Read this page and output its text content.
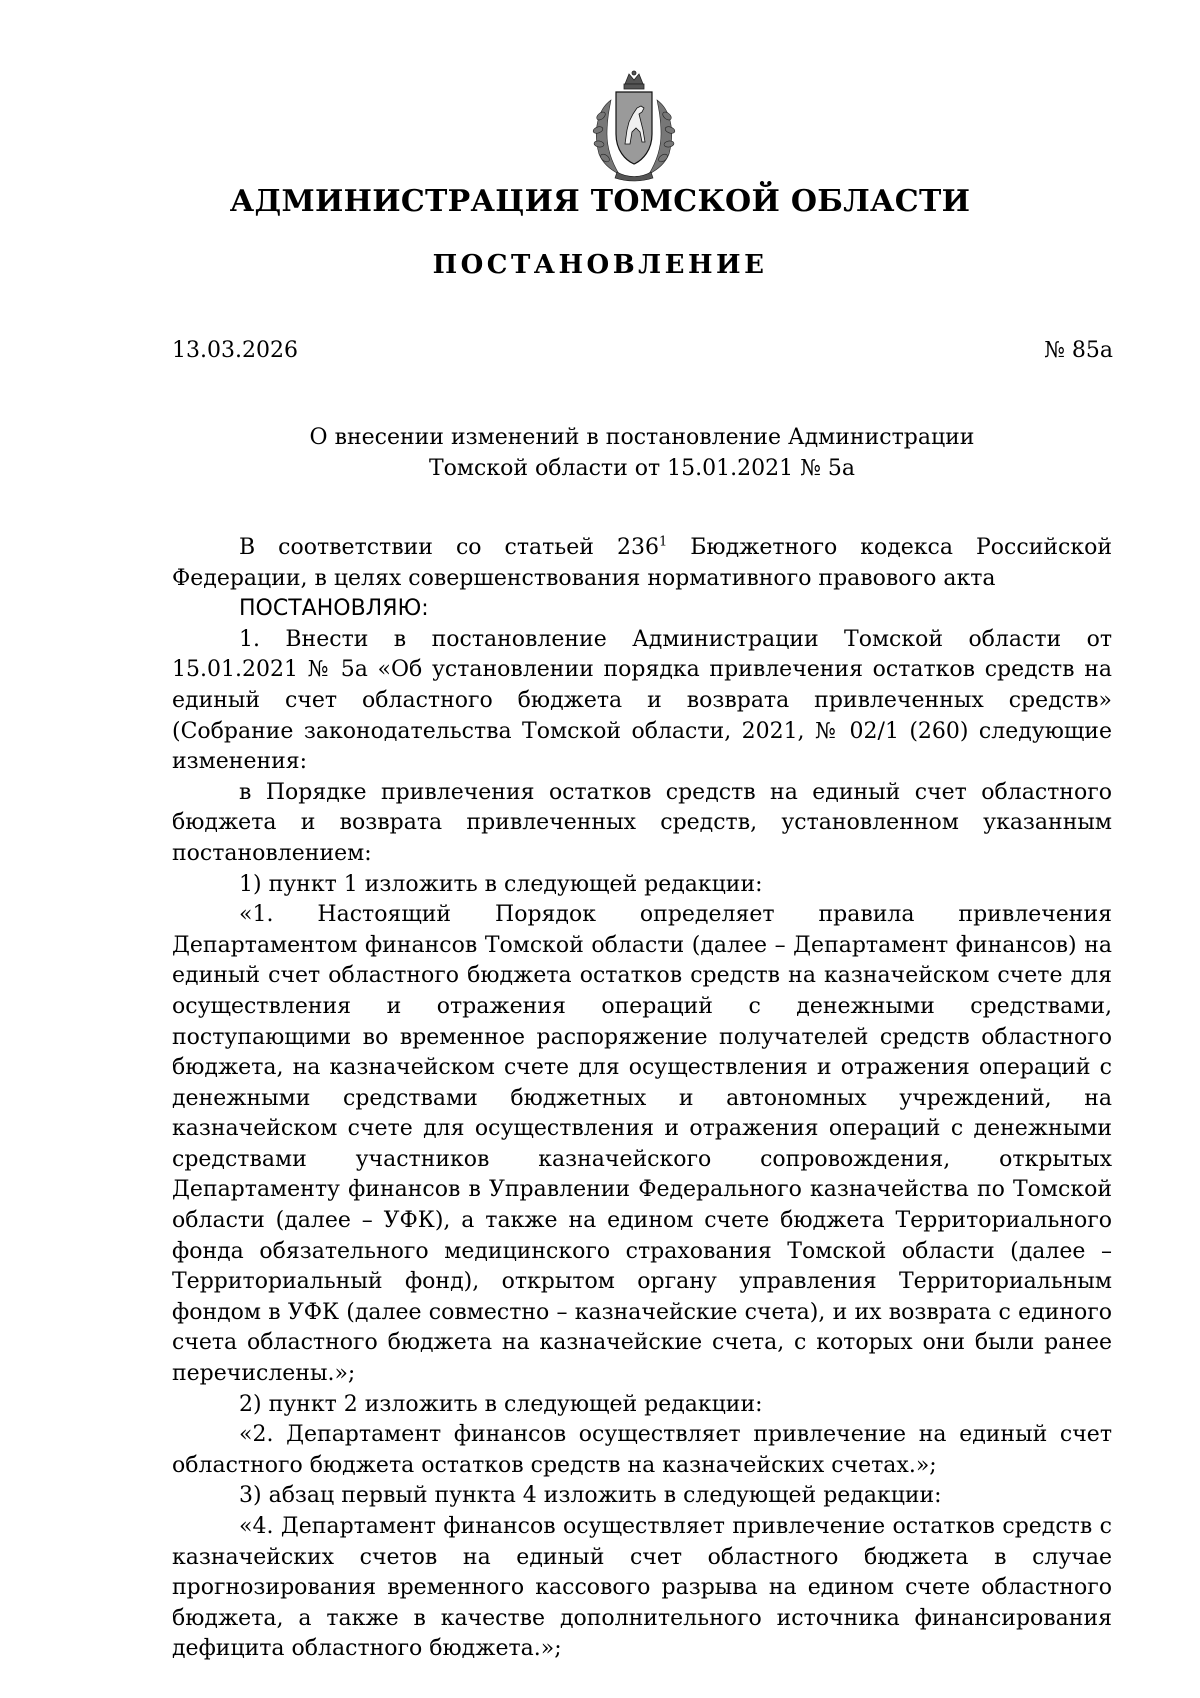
АДМИНИСТРАЦИЯ ТОМСКОЙ ОБЛАСТИ
ПОСТАНОВЛЕНИЕ
13.03.2026	№ 85а
О внесении изменений в постановление Администрации
Томской области от 15.01.2021 № 5а

В соответствии со статьей $236^1$ Бюджетного кодекса Российской Федерации, в целях совершенствования нормативного правового акта

ПОСТАНОВЛЯЮ:

1. Внести в постановление Администрации Томской области от 15.01.2021 № 5а «Об установлении порядка привлечения остатков средств на единый счет областного бюджета и возврата привлеченных средств» (Собрание законодательства Томской области, 2021, № 02/1 (260) следующие изменения:

в Порядке привлечения остатков средств на единый счет областного бюджета и возврата привлеченных средств, установленном указанным постановлением:

1) пункт 1 изложить в следующей редакции:

«1. Настоящий Порядок определяет правила привлечения Департаментом финансов Томской области (далее – Департамент финансов) на единый счет областного бюджета остатков средств на казначейском счете для осуществления и отражения операций с денежными средствами, поступающими во временное распоряжение получателей средств областного бюджета, на казначейском счете для осуществления и отражения операций с денежными средствами бюджетных и автономных учреждений, на казначейском счете для осуществления и отражения операций с денежными средствами участников казначейского сопровождения, открытых Департаменту финансов в Управлении Федерального казначейства по Томской области (далее – УФК), а также на едином счете бюджета Территориального фонда обязательного медицинского страхования Томской области (далее – Территориальный фонд), открытом органу управления Территориальным фондом в УФК (далее совместно – казначейские счета), и их возврата с единого счета областного бюджета на казначейские счета, с которых они были ранее перечислены.»;

2) пункт 2 изложить в следующей редакции:

«2. Департамент финансов осуществляет привлечение на единый счет областного бюджета остатков средств на казначейских счетах.»;

3) абзац первый пункта 4 изложить в следующей редакции:

«4. Департамент финансов осуществляет привлечение остатков средств с казначейских счетов на единый счет областного бюджета в случае прогнозирования временного кассового разрыва на едином счете областного бюджета, а также в качестве дополнительного источника финансирования дефицита областного бюджета.»;
